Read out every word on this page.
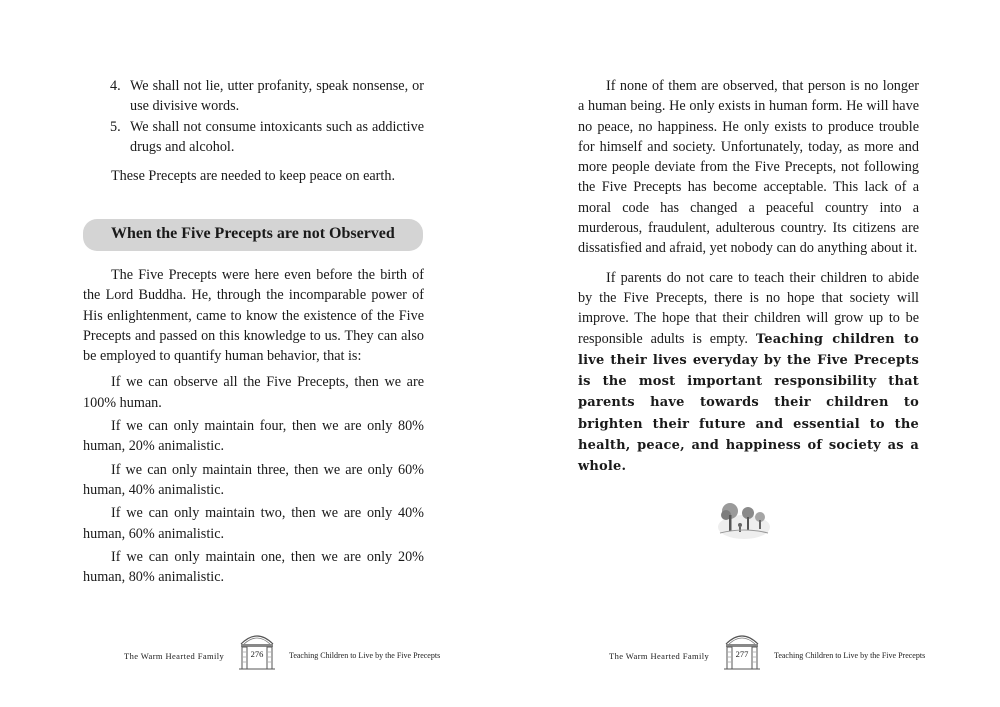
4. We shall not lie, utter profanity, speak nonsense, or use divisive words.
5. We shall not consume intoxicants such as addictive drugs and alcohol.

These Precepts are needed to keep peace on earth.

When the Five Precepts are not Observed

The Five Precepts were here even before the birth of the Lord Buddha. He, through the incomparable power of His enlightenment, came to know the existence of the Five Precepts and passed on this knowledge to us. They can also be employed to quantify human behavior, that is:

If we can observe all the Five Precepts, then we are 100% human.

If we can only maintain four, then we are only 80% human, 20% animalistic.

If we can only maintain three, then we are only 60% human, 40% animalistic.

If we can only maintain two, then we are only 40% human, 60% animalistic.

If we can only maintain one, then we are only 20% human, 80% animalistic.

The Warm Hearted Family	276	Teaching Children to Live by the Five Precepts

If none of them are observed, that person is no longer a human being. He only exists in human form. He will have no peace, no happiness. He only exists to produce trouble for himself and society. Unfortunately, today, as more and more people deviate from the Five Precepts, not following the Five Precepts has become acceptable. This lack of a moral code has changed a peaceful country into a murderous, fraudulent, adulterous country. Its citizens are dissatisfied and afraid, yet nobody can do anything about it.

If parents do not care to teach their children to abide by the Five Precepts, there is no hope that society will improve. The hope that their children will grow up to be responsible adults is empty. Teaching children to live their lives everyday by the Five Precepts is the most important responsibility that parents have towards their children to brighten their future and essential to the health, peace, and happiness of society as a whole.

The Warm Hearted Family	277	Teaching Children to Live by the Five Precepts
